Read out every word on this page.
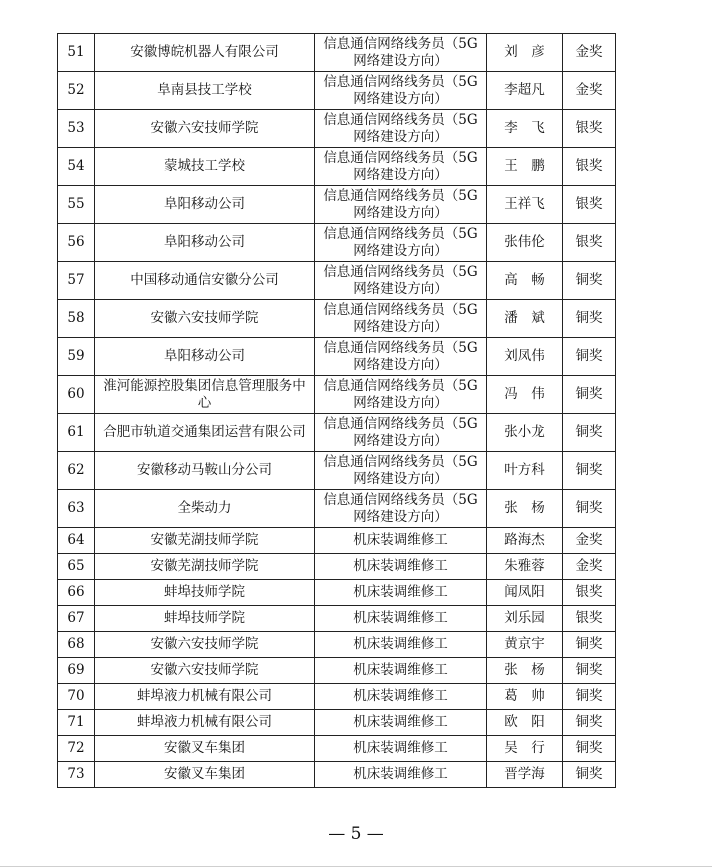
51	安徽博皖机器人有限公司	信息通信网络线务员（5G网络建设方向）	刘　彦	金奖
52	阜南县技工学校	信息通信网络线务员（5G网络建设方向）	李超凡	金奖
53	安徽六安技师学院	信息通信网络线务员（5G网络建设方向）	李　飞	银奖
54	蒙城技工学校	信息通信网络线务员（5G网络建设方向）	王　鹏	银奖
55	阜阳移动公司	信息通信网络线务员（5G网络建设方向）	王祥飞	银奖
56	阜阳移动公司	信息通信网络线务员（5G网络建设方向）	张伟伦	银奖
57	中国移动通信安徽分公司	信息通信网络线务员（5G网络建设方向）	高　畅	铜奖
58	安徽六安技师学院	信息通信网络线务员（5G网络建设方向）	潘　斌	铜奖
59	阜阳移动公司	信息通信网络线务员（5G网络建设方向）	刘凤伟	铜奖
60	淮河能源控股集团信息管理服务中心	信息通信网络线务员（5G网络建设方向）	冯　伟	铜奖
61	合肥市轨道交通集团运营有限公司	信息通信网络线务员（5G网络建设方向）	张小龙	铜奖
62	安徽移动马鞍山分公司	信息通信网络线务员（5G网络建设方向）	叶方科	铜奖
63	全柴动力	信息通信网络线务员（5G网络建设方向）	张　杨	铜奖
64	安徽芜湖技师学院	机床装调维修工	路海杰	金奖
65	安徽芜湖技师学院	机床装调维修工	朱雅蓉	金奖
66	蚌埠技师学院	机床装调维修工	闻凤阳	银奖
67	蚌埠技师学院	机床装调维修工	刘乐园	银奖
68	安徽六安技师学院	机床装调维修工	黄京宇	铜奖
69	安徽六安技师学院	机床装调维修工	张　杨	铜奖
70	蚌埠液力机械有限公司	机床装调维修工	葛　帅	铜奖
71	蚌埠液力机械有限公司	机床装调维修工	欧　阳	铜奖
72	安徽叉车集团	机床装调维修工	吴　行	铜奖
73	安徽叉车集团	机床装调维修工	晋学海	铜奖
— 5 —
